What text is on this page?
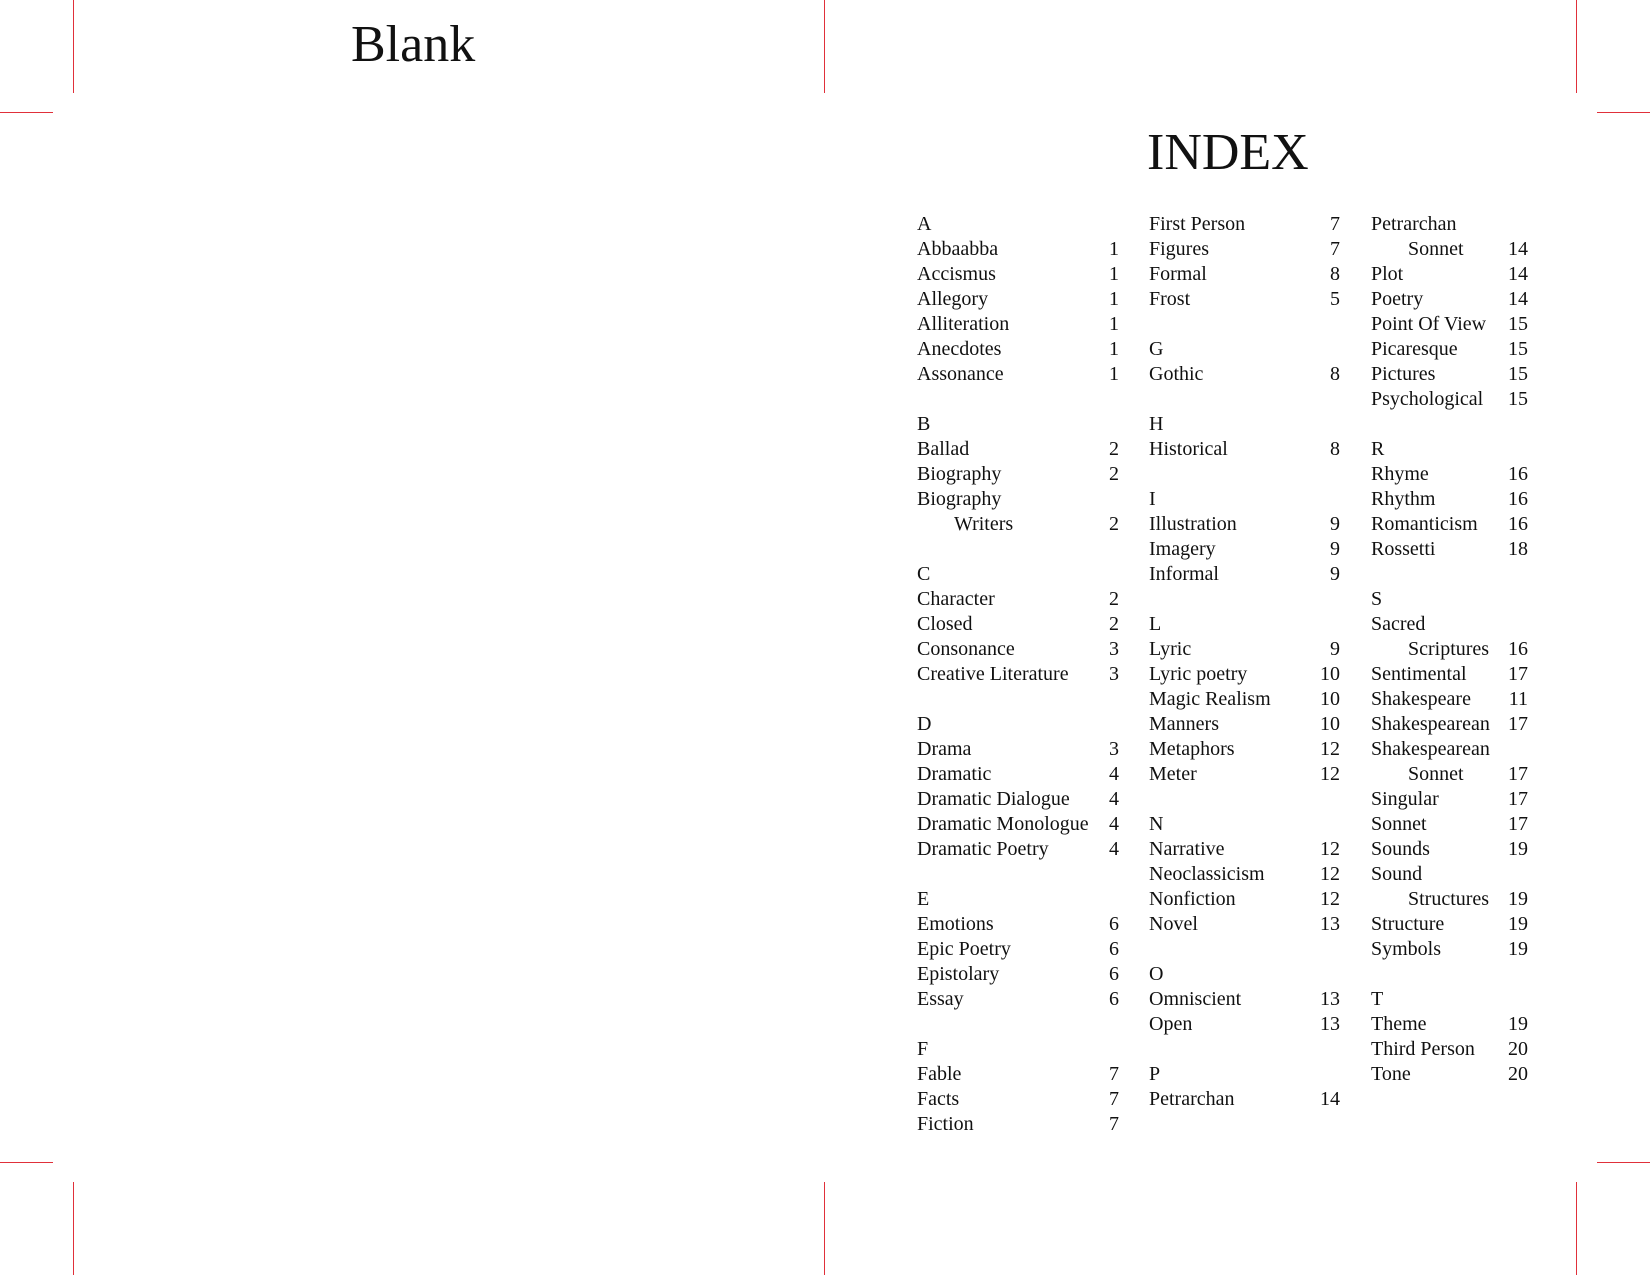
Blank
INDEX
A
Abbaabba	1
Accismus	1
Allegory	1
Alliteration	1
Anecdotes	1
Assonance	1
B
Ballad	2
Biography	2
Biography
Writers	2
C
Character	2
Closed	2
Consonance	3
Creative Literature 3
D
Drama	3
Dramatic	4
Dramatic Dialogue 4
Dramatic Monologue 4
Dramatic Poetry	4
E
Emotions	6
Epic Poetry	6
Epistolary	6
Essay	6
F
Fable	7
Facts	7
Fiction	7
First Person	7
Figures	7
Formal	8
Frost	5
G
Gothic	8
H
Historical	8
I
Illustration	9
Imagery	9
Informal	9
L
Lyric	9
Lyric poetry	10
Magic Realism 10
Manners	10
Metaphors	12
Meter	12
N
Narrative	12
Neoclassicism	12
Nonfiction	12
Novel	13
O
Omniscient	13
Open	13
P
Petrarchan	14
Petrarchan
Sonnet 14
Plot	14
Poetry	14
Point Of View 15
Picaresque	15
Pictures	15
Psychological 15
R
Rhyme	16
Rhythm	16
Romanticism 16
Rossetti	18
S
Sacred
Scriptures 16
Sentimental 17
Shakespeare 11
Shakespearean 17
Shakespearean
Sonnet 17
Singular	17
Sonnet	17
Sounds	19
Sound
Structures 19
Structure	19
Symbols	19
T
Theme	19
Third Person 20
Tone	20
